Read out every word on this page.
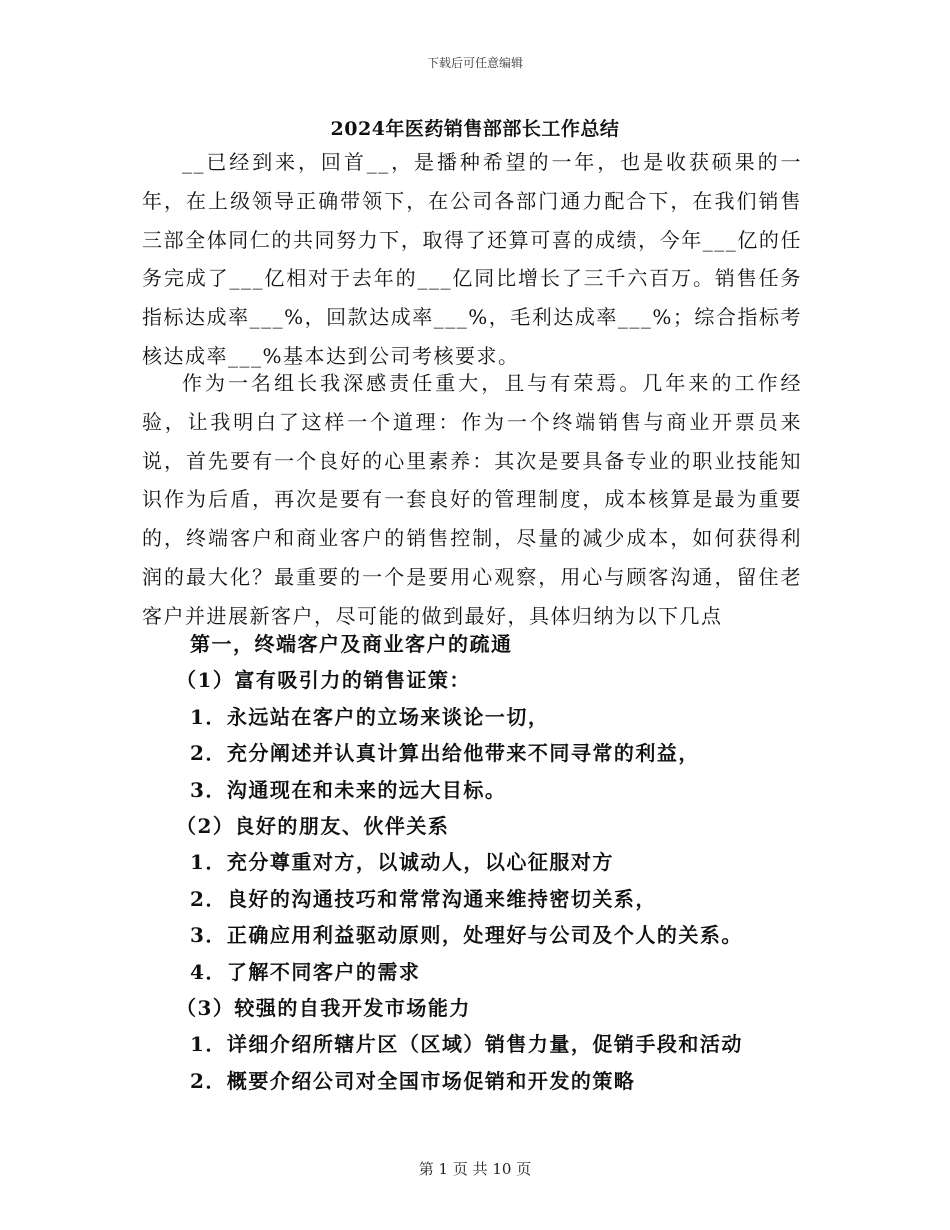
下载后可任意编辑
2024年医药销售部部长工作总结

__已经到来，回首__，是播种希望的一年，也是收获硕果的一年，在上级领导正确带领下，在公司各部门通力配合下，在我们销售三部全体同仁的共同努力下，取得了还算可喜的成绩，今年___亿的任务完成了___亿相对于去年的___亿同比增长了三千六百万。销售任务指标达成率___%，回款达成率___%，毛利达成率___%；综合指标考核达成率___%基本达到公司考核要求。

作为一名组长我深感责任重大，且与有荣焉。几年来的工作经验，让我明白了这样一个道理：作为一个终端销售与商业开票员来说，首先要有一个良好的心里素养：其次是要具备专业的职业技能知识作为后盾，再次是要有一套良好的管理制度，成本核算是最为重要的，终端客户和商业客户的销售控制，尽量的减少成本，如何获得利润的最大化？最重要的一个是要用心观察，用心与顾客沟通，留住老客户并进展新客户，尽可能的做到最好，具体归纳为以下几点

第一，终端客户及商业客户的疏通
（1）富有吸引力的销售证策：
1．永远站在客户的立场来谈论一切，
2．充分阐述并认真计算出给他带来不同寻常的利益，
3．沟通现在和未来的远大目标。
（2）良好的朋友、伙伴关系
1．充分尊重对方，以诚动人，以心征服对方
2．良好的沟通技巧和常常沟通来维持密切关系，
3．正确应用利益驱动原则，处理好与公司及个人的关系。
4．了解不同客户的需求
（3）较强的自我开发市场能力
1．详细介绍所辖片区（区域）销售力量，促销手段和活动
2．概要介绍公司对全国市场促销和开发的策略
第 1 页 共 10 页
